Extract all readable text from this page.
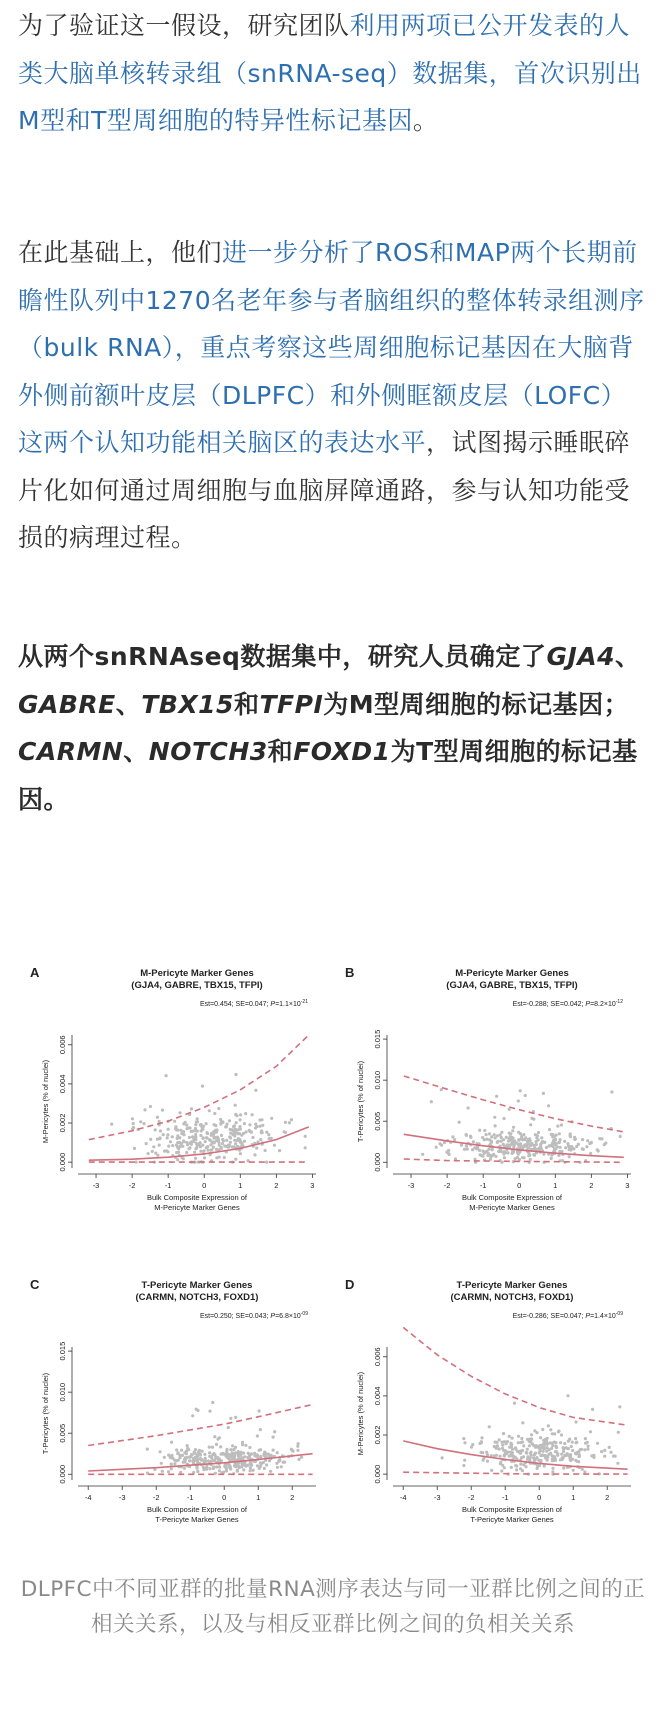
为了验证这一假设，研究团队利用两项已公开发表的人类大脑单核转录组（snRNA-seq）数据集，首次识别出M型和T型周细胞的特异性标记基因。

在此基础上，他们进一步分析了ROS和MAP两个长期前瞻性队列中1270名老年参与者脑组织的整体转录组测序（bulk RNA），重点考察这些周细胞标记基因在大脑背外侧前额叶皮层（DLPFC）和外侧眶额皮层（LOFC）这两个认知功能相关脑区的表达水平，试图揭示睡眠碎片化如何通过周细胞与血脑屏障通路，参与认知功能受损的病理过程。

从两个snRNAseq数据集中，研究人员确定了GJA4、GABRE、TBX15和TFPI为M型周细胞的标记基因；CARMN、NOTCH3和FOXD1为T型周细胞的标记基因。

A	M-Pericyte Marker Genes
(GJA4, GABRE, TBX15, TFPI)
Est=0.454; SE=0.047; $P=1.1\times 10^{-21}$
-3	-2	-1	0	1	2	3
0.000
0.002
0.004
0.006
Bulk Composite Expression of
M-Pericyte Marker Genes
M-Pericytes (% of nuclei)
B	M-Pericyte Marker Genes
(GJA4, GABRE, TBX15, TFPI)
Est=-0.288; SE=0.042; $P=8.2\times 10^{-12}$
-3	-2	-1	0	1	2	3
0.000
0.005
0.010
0.015
Bulk Composite Expression of
M-Pericyte Marker Genes
T-Pericytes (% of nuclei)
C	T-Pericyte Marker Genes
(CARMN, NOTCH3, FOXD1)
Est=0.250; SE=0.043; $P=6.8\times 10^{-09}$
-4	-3	-2	-1	0	1	2
0.000
0.005
0.010
0.015
Bulk Composite Expression of
T-Pericyte Marker Genes
T-Pericytes (% of nuclei)
D	T-Pericyte Marker Genes
(CARMN, NOTCH3, FOXD1)
Est=-0.286; SE=0.047; $P=1.4\times 10^{-09}$
-4	-3	-2	-1	0	1	2
0.000
0.002
0.004
0.006
Bulk Composite Expression of
T-Pericyte Marker Genes
M-Pericytes (% of nuclei)
DLPFC中不同亚群的批量RNA测序表达与同一亚群比例之间的正相关关系，以及与相反亚群比例之间的负相关关系
